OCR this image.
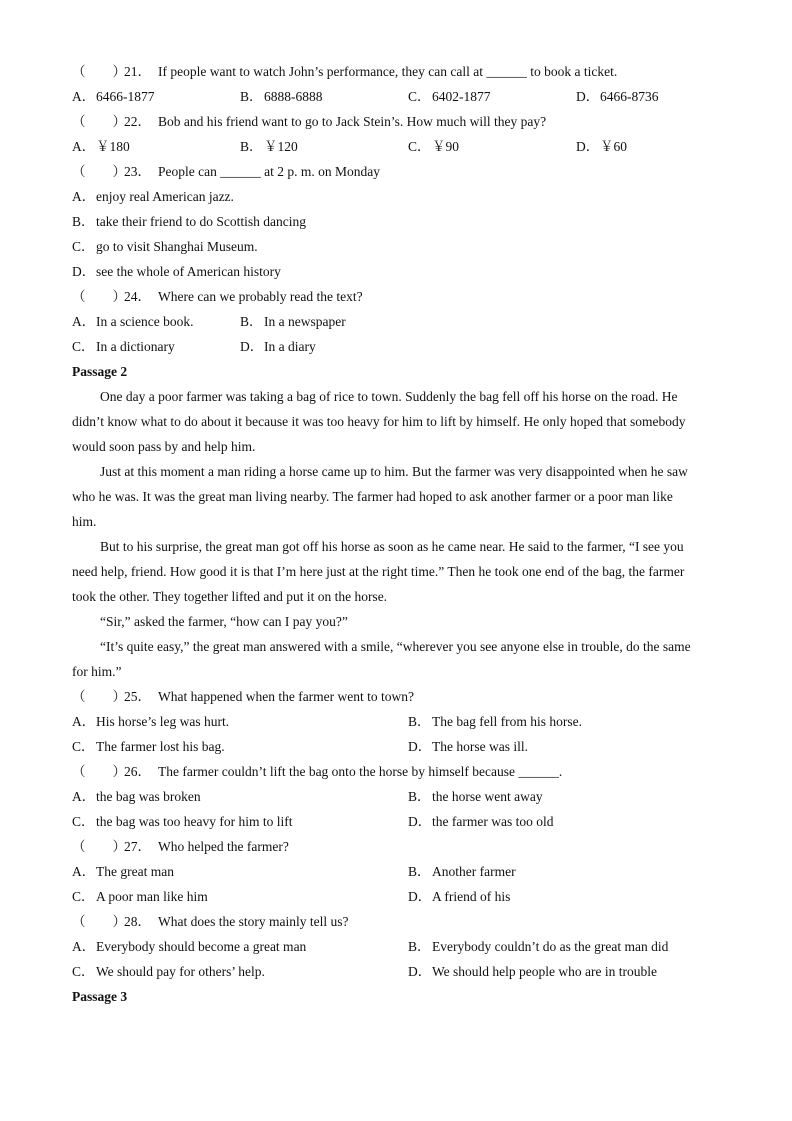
（　　）21． If people want to watch John’s performance, they can call at ______ to book a ticket.
A．6466-1877	B．6888-6888	C．6402-1877	D．6466-8736
（　　）22． Bob and his friend want to go to Jack Stein’s. How much will they pay?
A．￥180	B．￥120	C．￥90	D．￥60
（　　）23． People can ______ at 2 p. m. on Monday
A．enjoy real American jazz.
B．take their friend to do Scottish dancing
C．go to visit Shanghai Museum.
D．see the whole of American history
（　　）24． Where can we probably read the text?
A．In a science book.	B．In a newspaper
C．In a dictionary	D．In a diary
Passage 2
One day a poor farmer was taking a bag of rice to town. Suddenly the bag fell off his horse on the road. He
didn’t know what to do about it because it was too heavy for him to lift by himself. He only hoped that somebody
would soon pass by and help him.
Just at this moment a man riding a horse came up to him. But the farmer was very disappointed when he saw
who he was. It was the great man living nearby. The farmer had hoped to ask another farmer or a poor man like
him.
But to his surprise, the great man got off his horse as soon as he came near. He said to the farmer, “I see you
need help, friend. How good it is that I’m here just at the right time.” Then he took one end of the bag, the farmer
took the other. They together lifted and put it on the horse.
“Sir,” asked the farmer, “how can I pay you?”
“It’s quite easy,” the great man answered with a smile, “wherever you see anyone else in trouble, do the same
for him.”
（　　）25． What happened when the farmer went to town?
A．His horse’s leg was hurt.	B．The bag fell from his horse.
C．The farmer lost his bag.	D．The horse was ill.
（　　）26． The farmer couldn’t lift the bag onto the horse by himself because ______.
A．the bag was broken	B．the horse went away
C．the bag was too heavy for him to lift	D．the farmer was too old
（　　）27． Who helped the farmer?
A．The great man	B．Another farmer
C．A poor man like him	D．A friend of his
（　　）28． What does the story mainly tell us?
A．Everybody should become a great man	B．Everybody couldn’t do as the great man did
C．We should pay for others’ help.	D．We should help people who are in trouble
Passage 3
